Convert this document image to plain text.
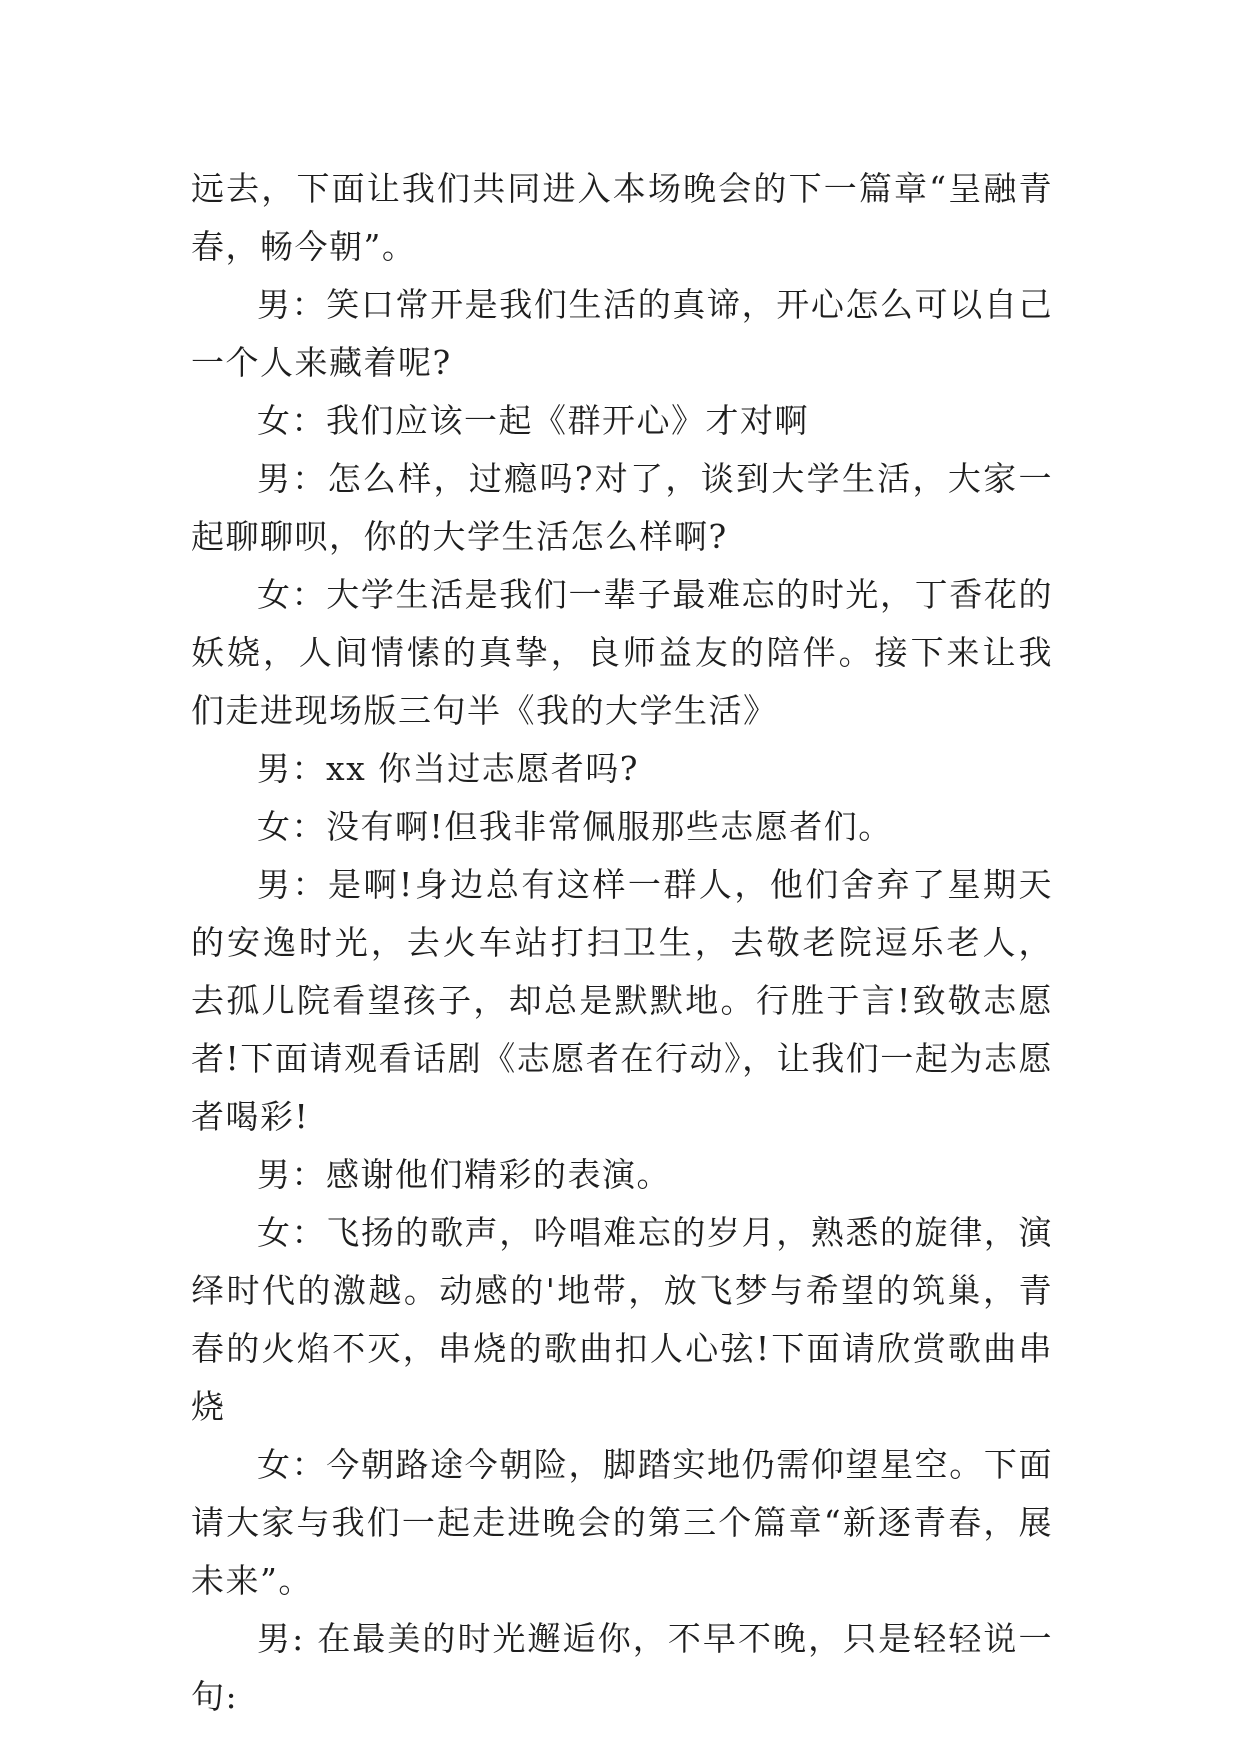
远去，下面让我们共同进入本场晚会的下一篇章“呈融青春，畅今朝”。

男：笑口常开是我们生活的真谛，开心怎么可以自己一个人来藏着呢?

女：我们应该一起《群开心》才对啊

男：怎么样，过瘾吗?对了，谈到大学生活，大家一起聊聊呗，你的大学生活怎么样啊?

女：大学生活是我们一辈子最难忘的时光，丁香花的妖娆，人间情愫的真挚，良师益友的陪伴。接下来让我们走进现场版三句半《我的大学生活》

男：xx 你当过志愿者吗?

女：没有啊!但我非常佩服那些志愿者们。

男：是啊!身边总有这样一群人，他们舍弃了星期天的安逸时光，去火车站打扫卫生，去敬老院逗乐老人，去孤儿院看望孩子，却总是默默地。行胜于言!致敬志愿者!下面请观看话剧《志愿者在行动》，让我们一起为志愿者喝彩!

男：感谢他们精彩的表演。

女：飞扬的歌声，吟唱难忘的岁月，熟悉的旋律，演绎时代的激越。动感的'地带，放飞梦与希望的筑巢，青春的火焰不灭，串烧的歌曲扣人心弦!下面请欣赏歌曲串烧

女：今朝路途今朝险，脚踏实地仍需仰望星空。下面请大家与我们一起走进晚会的第三个篇章“新逐青春，展未来”。

男: 在最美的时光邂逅你，不早不晚，只是轻轻说一句:
